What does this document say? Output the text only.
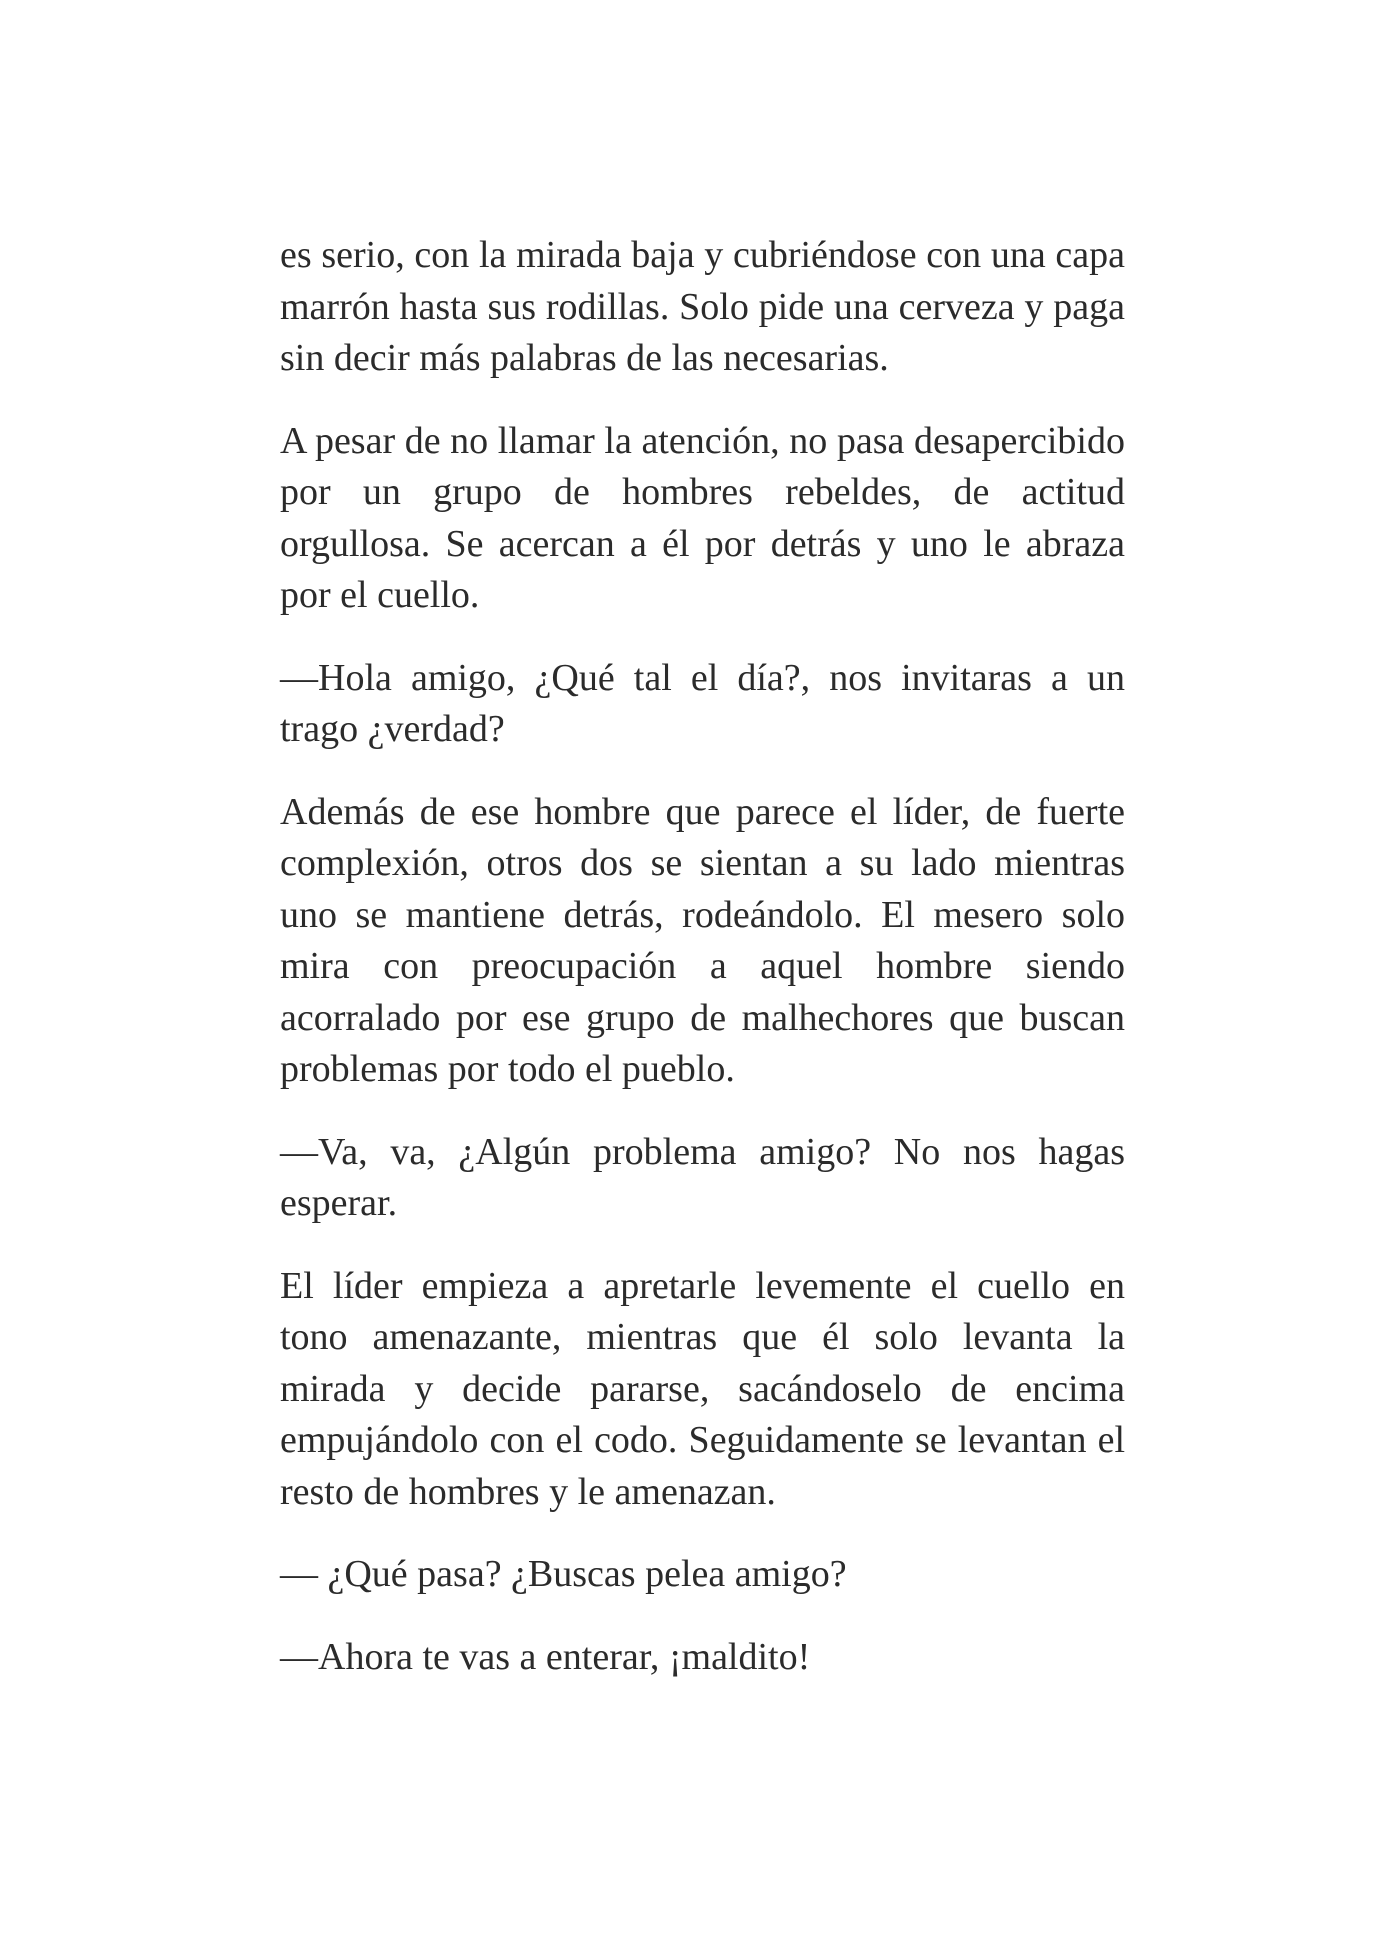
es serio, con la mirada baja y cubriéndose con una capa marrón hasta sus rodillas. Solo pide una cerveza y paga sin decir más palabras de las necesarias.

A pesar de no llamar la atención, no pasa desapercibido por un grupo de hombres rebeldes, de actitud orgullosa. Se acercan a él por detrás y uno le abraza por el cuello.

—Hola amigo, ¿Qué tal el día?, nos invitaras a un trago ¿verdad?

Además de ese hombre que parece el líder, de fuerte complexión, otros dos se sientan a su lado mientras uno se mantiene detrás, rodeándolo. El mesero solo mira con preocupación a aquel hombre siendo acorralado por ese grupo de malhechores que buscan problemas por todo el pueblo.

—Va, va, ¿Algún problema amigo? No nos hagas esperar.

El líder empieza a apretarle levemente el cuello en tono amenazante, mientras que él solo levanta la mirada y decide pararse, sacándoselo de encima empujándolo con el codo. Seguidamente se levantan el resto de hombres y le amenazan.

— ¿Qué pasa? ¿Buscas pelea amigo?

—Ahora te vas a enterar, ¡maldito!
